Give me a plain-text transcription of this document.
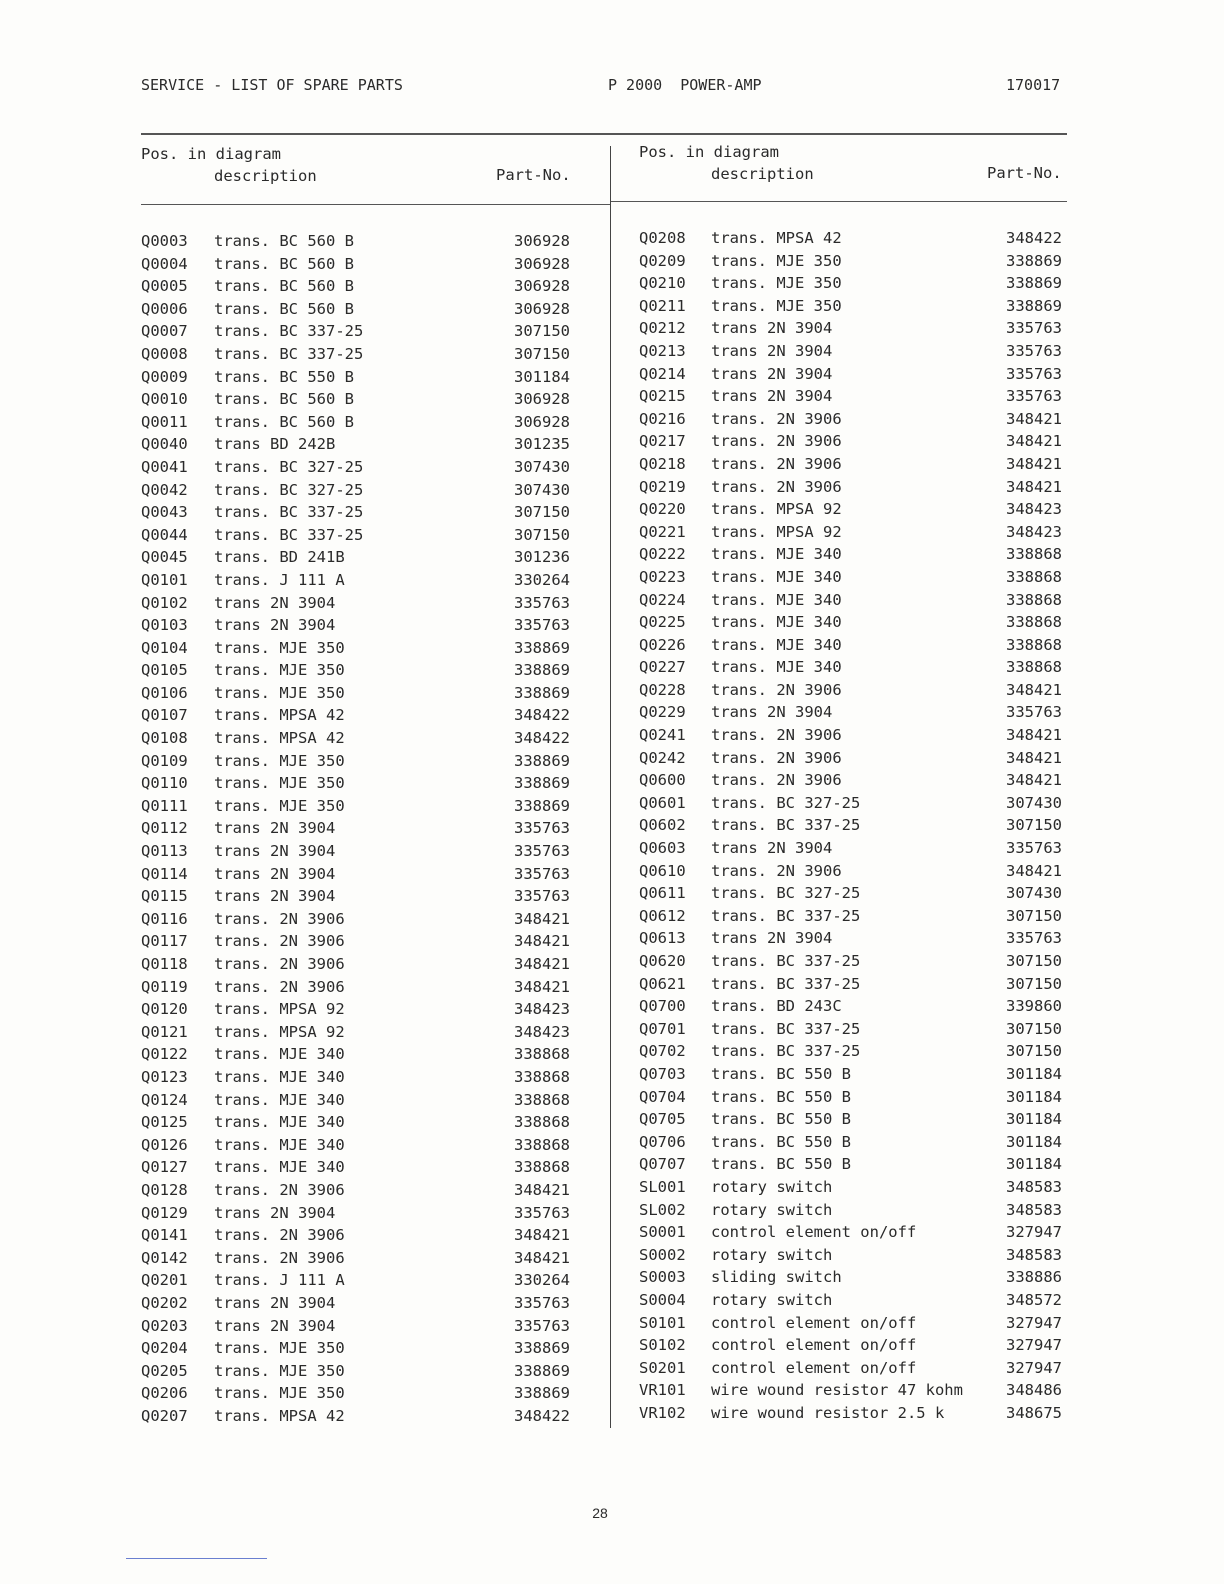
SERVICE - LIST OF SPARE PARTS	P 2000  POWER-AMP	170017
Pos. in diagram
description	Part-No.
Pos. in diagram
description	Part-No.
Q0003 trans. BC 560 B	306928	Q0208 trans. MPSA 42	348422
Q0004 trans. BC 560 B	306928	Q0209 trans. MJE 350	338869
Q0005 trans. BC 560 B	306928	Q0210 trans. MJE 350	338869
Q0006 trans. BC 560 B	306928	Q0211 trans. MJE 350	338869
Q0007 trans. BC 337-25	307150	Q0212 trans 2N 3904	335763
Q0008 trans. BC 337-25	307150	Q0213 trans 2N 3904	335763
Q0009 trans. BC 550 B	301184	Q0214 trans 2N 3904	335763
Q0010 trans. BC 560 B	306928	Q0215 trans 2N 3904	335763
Q0011 trans. BC 560 B	306928	Q0216 trans. 2N 3906	348421
Q0040 trans BD 242B	301235	Q0217 trans. 2N 3906	348421
Q0041 trans. BC 327-25	307430	Q0218 trans. 2N 3906	348421
Q0042 trans. BC 327-25	307430	Q0219 trans. 2N 3906	348421
Q0043 trans. BC 337-25	307150	Q0220 trans. MPSA 92	348423
Q0044 trans. BC 337-25	307150	Q0221 trans. MPSA 92	348423
Q0045 trans. BD 241B	301236	Q0222 trans. MJE 340	338868
Q0101 trans. J 111 A	330264	Q0223 trans. MJE 340	338868
Q0102 trans 2N 3904	335763	Q0224 trans. MJE 340	338868
Q0103 trans 2N 3904	335763	Q0225 trans. MJE 340	338868
Q0104 trans. MJE 350	338869	Q0226 trans. MJE 340	338868
Q0105 trans. MJE 350	338869	Q0227 trans. MJE 340	338868
Q0106 trans. MJE 350	338869	Q0228 trans. 2N 3906	348421
Q0107 trans. MPSA 42	348422	Q0229 trans 2N 3904	335763
Q0108 trans. MPSA 42	348422	Q0241 trans. 2N 3906	348421
Q0109 trans. MJE 350	338869	Q0242 trans. 2N 3906	348421
Q0110 trans. MJE 350	338869	Q0600 trans. 2N 3906	348421
Q0111 trans. MJE 350	338869	Q0601 trans. BC 327-25	307430
Q0112 trans 2N 3904	335763	Q0602 trans. BC 337-25	307150
Q0113 trans 2N 3904	335763	Q0603 trans 2N 3904	335763
Q0114 trans 2N 3904	335763	Q0610 trans. 2N 3906	348421
Q0115 trans 2N 3904	335763	Q0611 trans. BC 327-25	307430
Q0116 trans. 2N 3906	348421	Q0612 trans. BC 337-25	307150
Q0117 trans. 2N 3906	348421	Q0613 trans 2N 3904	335763
Q0118 trans. 2N 3906	348421	Q0620 trans. BC 337-25	307150
Q0119 trans. 2N 3906	348421	Q0621 trans. BC 337-25	307150
Q0120 trans. MPSA 92	348423	Q0700 trans. BD 243C	339860
Q0121 trans. MPSA 92	348423	Q0701 trans. BC 337-25	307150
Q0122 trans. MJE 340	338868	Q0702 trans. BC 337-25	307150
Q0123 trans. MJE 340	338868	Q0703 trans. BC 550 B	301184
Q0124 trans. MJE 340	338868	Q0704 trans. BC 550 B	301184
Q0125 trans. MJE 340	338868	Q0705 trans. BC 550 B	301184
Q0126 trans. MJE 340	338868	Q0706 trans. BC 550 B	301184
Q0127 trans. MJE 340	338868	Q0707 trans. BC 550 B	301184
Q0128 trans. 2N 3906	348421	SL001 rotary switch	348583
Q0129 trans 2N 3904	335763	SL002 rotary switch	348583
Q0141 trans. 2N 3906	348421	S0001 control element on/off	327947
Q0142 trans. 2N 3906	348421	S0002 rotary switch	348583
Q0201 trans. J 111 A	330264	S0003 sliding switch	338886
Q0202 trans 2N 3904	335763	S0004 rotary switch	348572
Q0203 trans 2N 3904	335763	S0101 control element on/off	327947
Q0204 trans. MJE 350	338869	S0102 control element on/off	327947
Q0205 trans. MJE 350	338869	S0201 control element on/off	327947
Q0206 trans. MJE 350	338869	VR101 wire wound resistor 47 kohm	348486
Q0207 trans. MPSA 42	348422	VR102 wire wound resistor 2.5 k	348675
28
